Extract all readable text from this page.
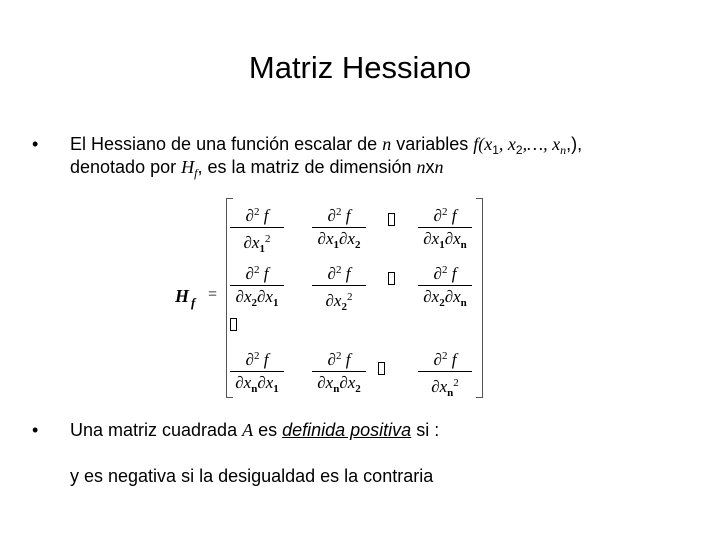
Matriz Hessiano
• El Hessiano de una función escalar de n variables $f(x_1$, $x_2,\dots$, $x_n$,),
denotado por $H_f$, es la matriz de dimensión nxn
H $_f$ =
∂$^2$ f
$\partial x_1^2$
∂$^2$ f
$\partial x_1\partial x_2$
∂$^2$ f
$\partial x_1\partial x_n$
∂$^2$ f
$\partial x_2\partial x_1$
∂$^2$ f
$\partial x_2^2$
∂$^2$ f
$\partial x_2\partial x_n$
∂$^2$ f
$\partial x_n\partial x_1$
∂$^2$ f
$\partial x_n\partial x_2$
∂$^2$ f
$\partial x_n^2$
• Una matriz cuadrada A es definida positiva si :
y es negativa si la desigualdad es la contraria
